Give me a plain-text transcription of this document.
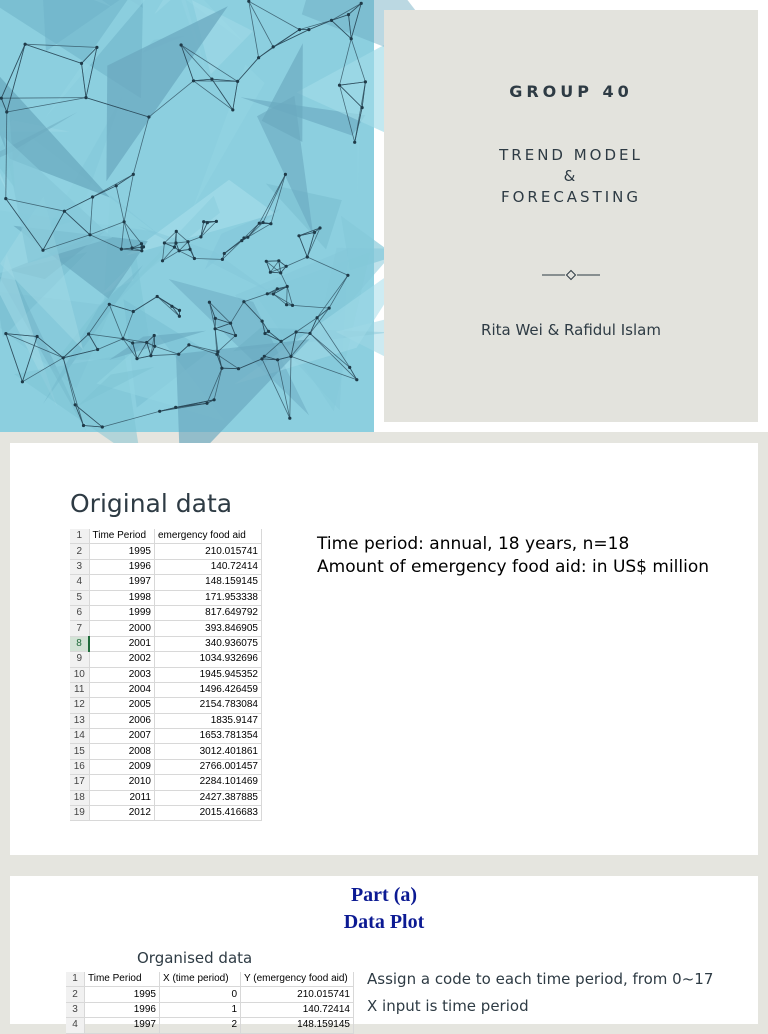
GROUP 40
TREND MODEL
&
FORECASTING
Rita Wei & Rafidul Islam
Original data
1	Time Period	emergency food aid
2	1995	210.015741
3	1996	140.72414
4	1997	148.159145
5	1998	171.953338
6	1999	817.649792
7	2000	393.846905
8	2001	340.936075
9	2002	1034.932696
10	2003	1945.945352
11	2004	1496.426459
12	2005	2154.783084
13	2006	1835.9147
14	2007	1653.781354
15	2008	3012.401861
16	2009	2766.001457
17	2010	2284.101469
18	2011	2427.387885
19	2012	2015.416683
Time period: annual, 18 years, n=18
Amount of emergency food aid: in US$ million
Part (a)
Data Plot
Organised data
1	Time Period	X (time period)	Y (emergency food aid)
2	1995	0	210.015741
3	1996	1	140.72414
4	1997	2	148.159145
Assign a code to each time period, from 0~17
X input is time period
